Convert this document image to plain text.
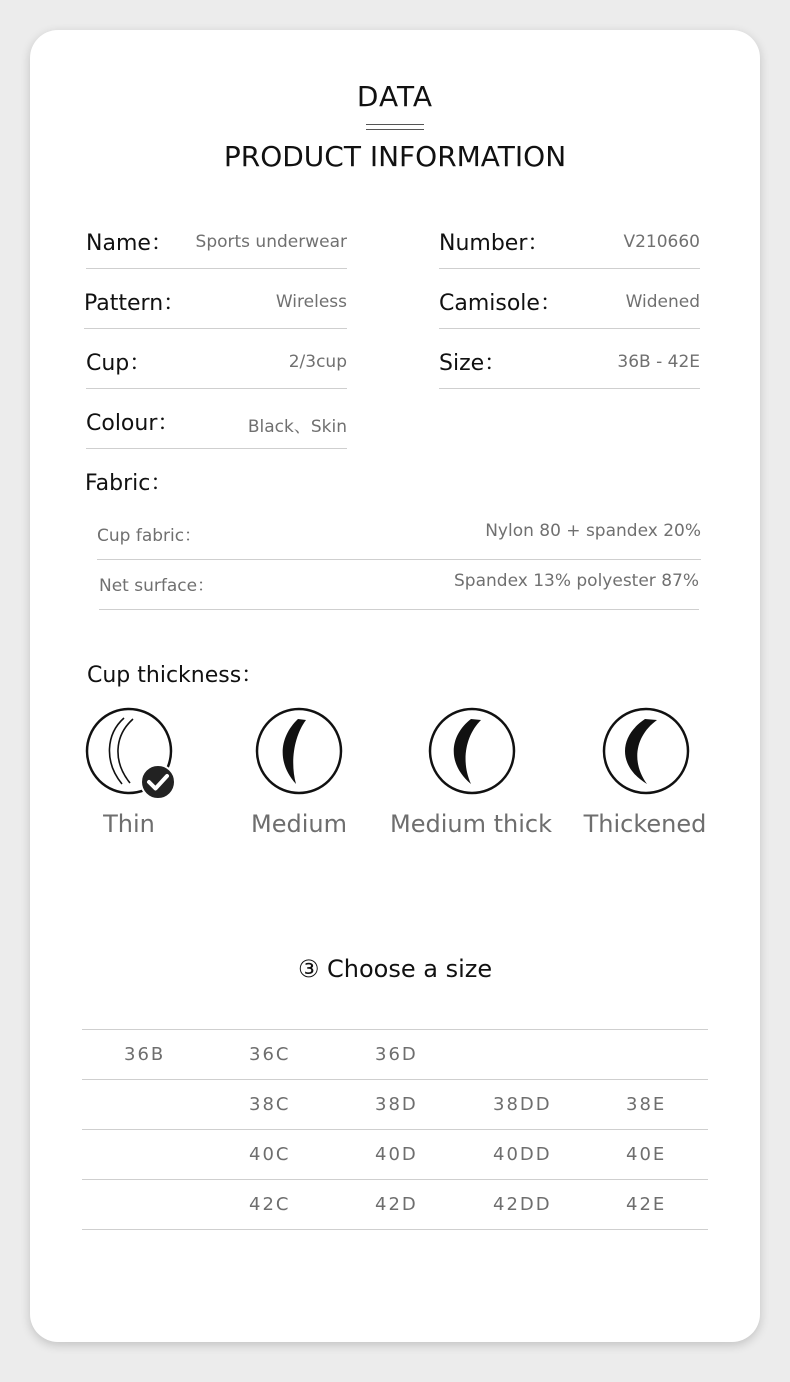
DATA
PRODUCT INFORMATION
Name： Sports underwear
Pattern：	Wireless
Cup：	2/3cup
Colour：	Black、Skin
Number：	V210660
Camisole：	Widened
Size：	36B - 42E
Fabric：
Cup fabric：	Nylon 80 + spandex 20%
Net surface：	Spandex 13% polyester 87%
Cup thickness：
Thin	Medium	Medium thick	Thickened
③ Choose a size
36B	36C	36D		
	38C	38D	38DD	38E
	40C	40D	40DD	40E
	42C	42D	42DD	42E
